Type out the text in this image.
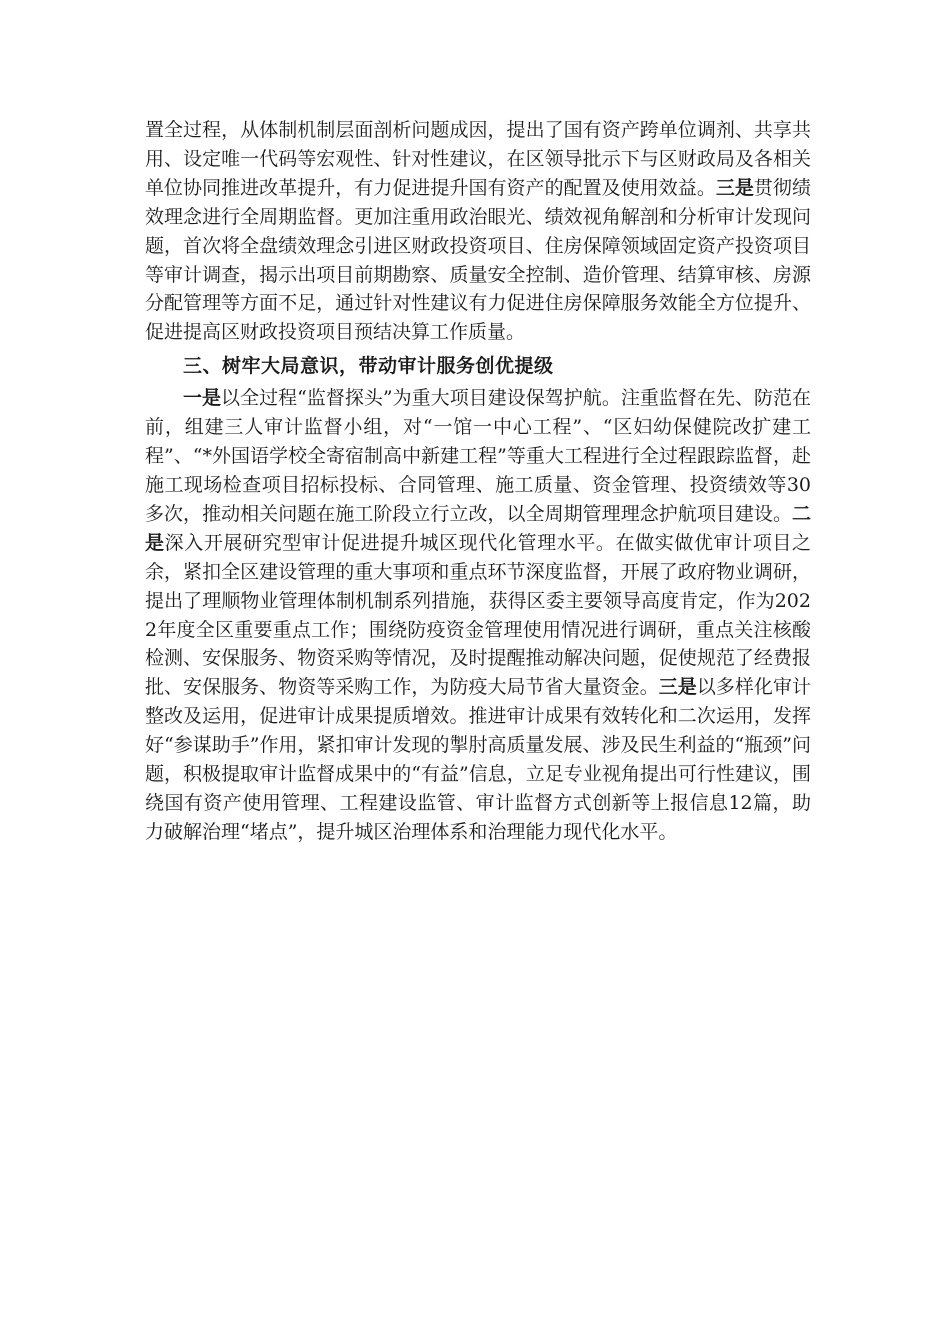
置全过程，从体制机制层面剖析问题成因，提出了国有资产跨单位调剂、共享共用、设定唯一代码等宏观性、针对性建议，在区领导批示下与区财政局及各相关单位协同推进改革提升，有力促进提升国有资产的配置及使用效益。三是贯彻绩效理念进行全周期监督。更加注重用政治眼光、绩效视角解剖和分析审计发现问题，首次将全盘绩效理念引进区财政投资项目、住房保障领域固定资产投资项目等审计调查，揭示出项目前期勘察、质量安全控制、造价管理、结算审核、房源分配管理等方面不足，通过针对性建议有力促进住房保障服务效能全方位提升、促进提高区财政投资项目预结决算工作质量。

三、树牢大局意识，带动审计服务创优提级

一是以全过程“监督探头”为重大项目建设保驾护航。注重监督在先、防范在前，组建三人审计监督小组，对“一馆一中心工程”、“区妇幼保健院改扩建工程”、“*外国语学校全寄宿制高中新建工程”等重大工程进行全过程跟踪监督，赴施工现场检查项目招标投标、合同管理、施工质量、资金管理、投资绩效等30多次，推动相关问题在施工阶段立行立改，以全周期管理理念护航项目建设。二是深入开展研究型审计促进提升城区现代化管理水平。在做实做优审计项目之余，紧扣全区建设管理的重大事项和重点环节深度监督，开展了政府物业调研，提出了理顺物业管理体制机制系列措施，获得区委主要领导高度肯定，作为2022年度全区重要重点工作；围绕防疫资金管理使用情况进行调研，重点关注核酸检测、安保服务、物资采购等情况，及时提醒推动解决问题，促使规范了经费报批、安保服务、物资等采购工作，为防疫大局节省大量资金。三是以多样化审计整改及运用，促进审计成果提质增效。推进审计成果有效转化和二次运用，发挥好“参谋助手”作用，紧扣审计发现的掣肘高质量发展、涉及民生利益的“瓶颈”问题，积极提取审计监督成果中的“有益”信息，立足专业视角提出可行性建议，围绕国有资产使用管理、工程建设监管、审计监督方式创新等上报信息12篇，助力破解治理“堵点”，提升城区治理体系和治理能力现代化水平。
